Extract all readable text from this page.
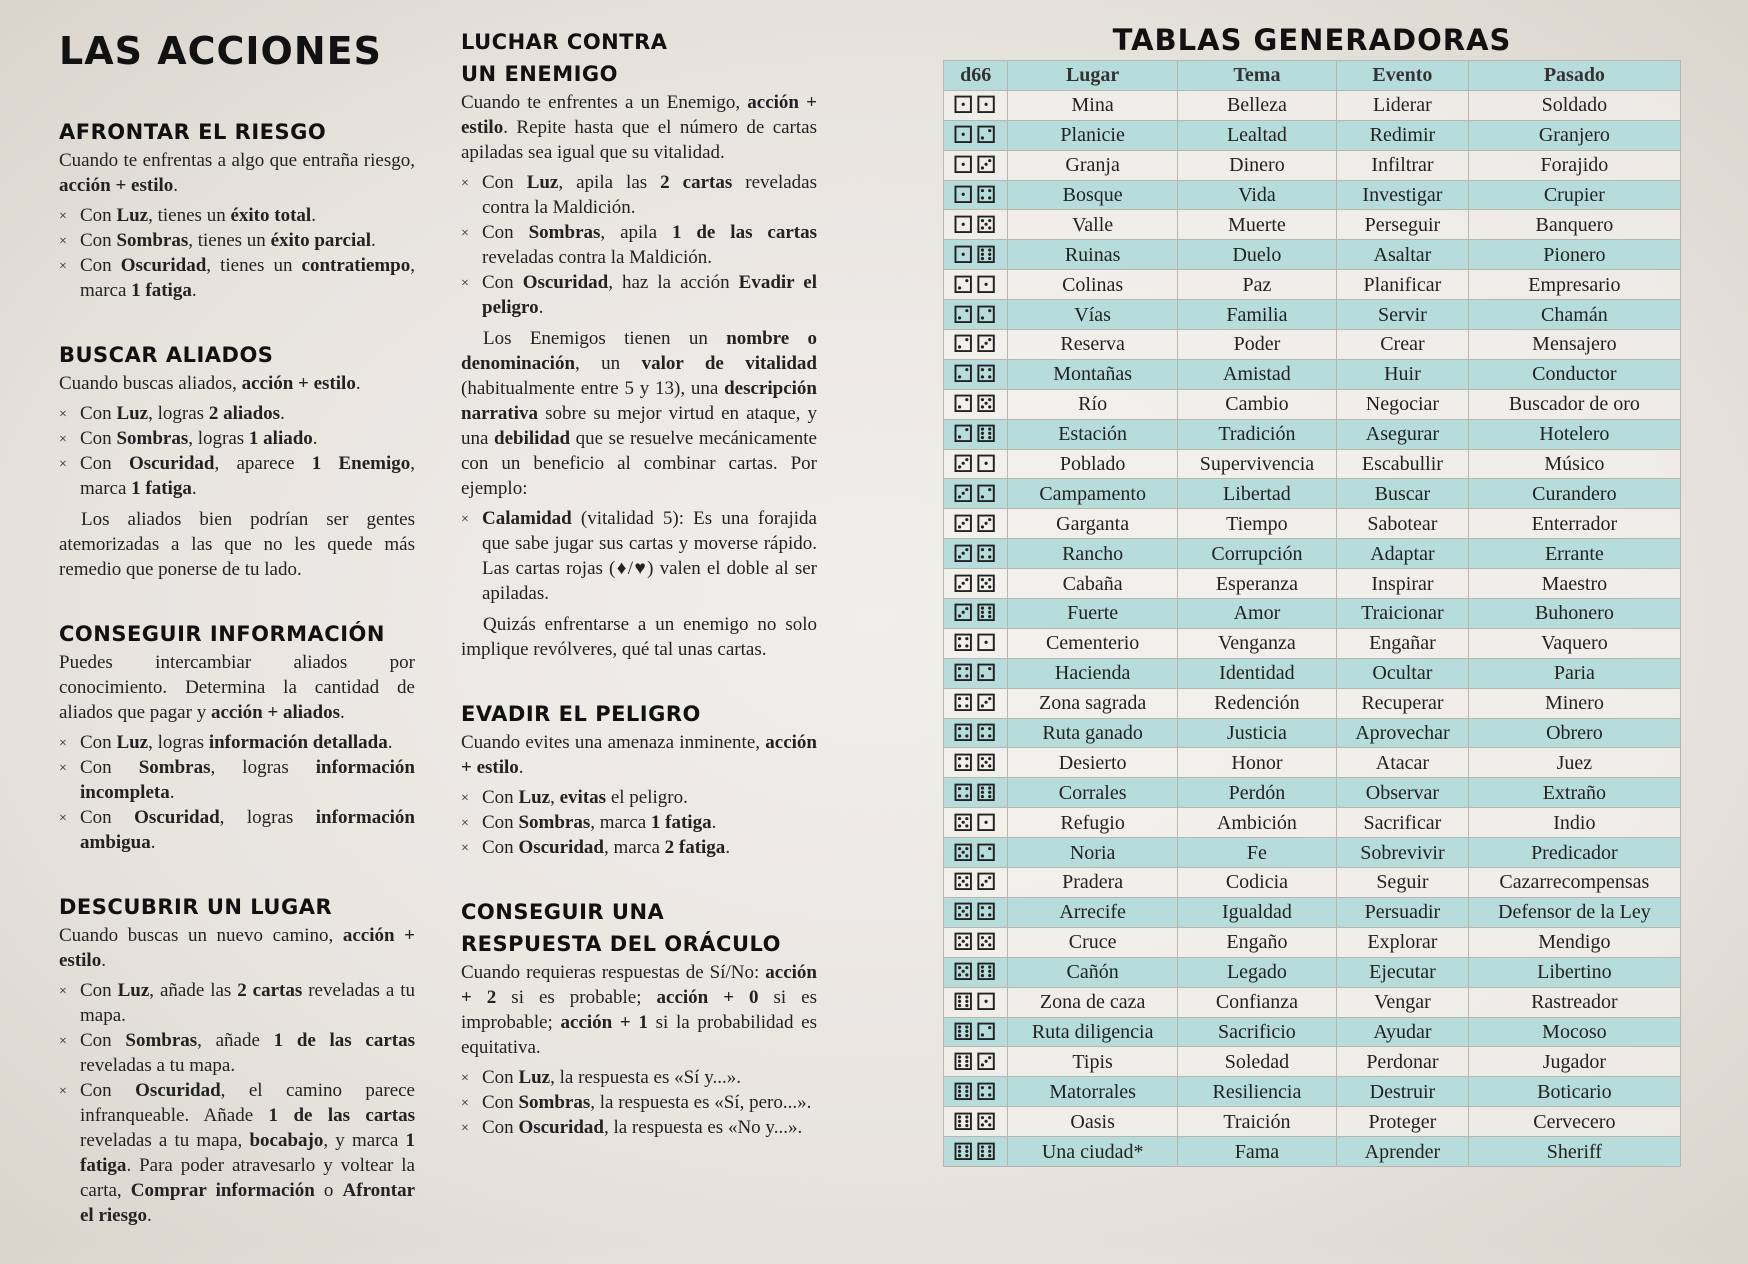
LAS ACCIONES
AFRONTAR EL RIESGO

Cuando te enfrentas a algo que entraña riesgo, acción + estilo.

× Con Luz, tienes un éxito total.
× Con Sombras, tienes un éxito parcial.
× Con Oscuridad, tienes un contratiempo, marca 1 fatiga.
BUSCAR ALIADOS

Cuando buscas aliados, acción + estilo.

× Con Luz, logras 2 aliados.
× Con Sombras, logras 1 aliado.
× Con Oscuridad, aparece 1 Enemigo, marca 1 fatiga.

Los aliados bien podrían ser gentes atemorizadas a las que no les quede más remedio que ponerse de tu lado.

CONSEGUIR INFORMACIÓN

Puedes intercambiar aliados por conocimiento. Determina la cantidad de aliados que pagar y acción + aliados.

× Con Luz, logras información detallada.
× Con Sombras, logras información incompleta.
× Con Oscuridad, logras información ambigua.
DESCUBRIR UN LUGAR

Cuando buscas un nuevo camino, acción + estilo.

× Con Luz, añade las 2 cartas reveladas a tu mapa.
× Con Sombras, añade 1 de las cartas reveladas a tu mapa.
× Con Oscuridad, el camino parece infranqueable. Añade 1 de las cartas reveladas a tu mapa, bocabajo, y marca 1 fatiga. Para poder atravesarlo y voltear la carta, Comprar información o Afrontar el riesgo.
LUCHAR CONTRA
UN ENEMIGO

Cuando te enfrentes a un Enemigo, acción + estilo. Repite hasta que el número de cartas apiladas sea igual que su vitalidad.

× Con Luz, apila las 2 cartas reveladas contra la Maldición.
× Con Sombras, apila 1 de las cartas reveladas contra la Maldición.
× Con Oscuridad, haz la acción Evadir el peligro.

Los Enemigos tienen un nombre o denominación, un valor de vitalidad (habitualmente entre 5 y 13), una descripción narrativa sobre su mejor virtud en ataque, y una debilidad que se resuelve mecánicamente con un beneficio al combinar cartas. Por ejemplo:

× Calamidad (vitalidad 5): Es una forajida que sabe jugar sus cartas y moverse rápido. Las cartas rojas (♦/♥) valen el doble al ser apiladas.

Quizás enfrentarse a un enemigo no solo implique revólveres, qué tal unas cartas.

EVADIR EL PELIGRO

Cuando evites una amenaza inminente, acción + estilo.

× Con Luz, evitas el peligro.
× Con Sombras, marca 1 fatiga.
× Con Oscuridad, marca 2 fatiga.
CONSEGUIR UNA
RESPUESTA DEL ORÁCULO

Cuando requieras respuestas de Sí/No: acción + 2 si es probable; acción + 0 si es improbable; acción + 1 si la probabilidad es equitativa.

× Con Luz, la respuesta es «Sí y...».
× Con Sombras, la respuesta es «Sí, pero...».
× Con Oscuridad, la respuesta es «No y...».
TABLAS GENERADORAS
d66	Lugar	Tema	Evento	Pasado
⚀⚀	Mina	Belleza	Liderar	Soldado
⚀⚁	Planicie	Lealtad	Redimir	Granjero
⚀⚂	Granja	Dinero	Infiltrar	Forajido
⚀⚃	Bosque	Vida	Investigar	Crupier
⚀⚄	Valle	Muerte	Perseguir	Banquero
⚀⚅	Ruinas	Duelo	Asaltar	Pionero
⚁⚀	Colinas	Paz	Planificar	Empresario
⚁⚁	Vías	Familia	Servir	Chamán
⚁⚂	Reserva	Poder	Crear	Mensajero
⚁⚃	Montañas	Amistad	Huir	Conductor
⚁⚄	Río	Cambio	Negociar	Buscador de oro
⚁⚅	Estación	Tradición	Asegurar	Hotelero
⚂⚀	Poblado	Supervivencia	Escabullir	Músico
⚂⚁	Campamento	Libertad	Buscar	Curandero
⚂⚂	Garganta	Tiempo	Sabotear	Enterrador
⚂⚃	Rancho	Corrupción	Adaptar	Errante
⚂⚄	Cabaña	Esperanza	Inspirar	Maestro
⚂⚅	Fuerte	Amor	Traicionar	Buhonero
⚃⚀	Cementerio	Venganza	Engañar	Vaquero
⚃⚁	Hacienda	Identidad	Ocultar	Paria
⚃⚂	Zona sagrada	Redención	Recuperar	Minero
⚃⚃	Ruta ganado	Justicia	Aprovechar	Obrero
⚃⚄	Desierto	Honor	Atacar	Juez
⚃⚅	Corrales	Perdón	Observar	Extraño
⚄⚀	Refugio	Ambición	Sacrificar	Indio
⚄⚁	Noria	Fe	Sobrevivir	Predicador
⚄⚂	Pradera	Codicia	Seguir	Cazarrecompensas
⚄⚃	Arrecife	Igualdad	Persuadir	Defensor de la Ley
⚄⚄	Cruce	Engaño	Explorar	Mendigo
⚄⚅	Cañón	Legado	Ejecutar	Libertino
⚅⚀	Zona de caza	Confianza	Vengar	Rastreador
⚅⚁	Ruta diligencia	Sacrificio	Ayudar	Mocoso
⚅⚂	Tipis	Soledad	Perdonar	Jugador
⚅⚃	Matorrales	Resiliencia	Destruir	Boticario
⚅⚄	Oasis	Traición	Proteger	Cervecero
⚅⚅	Una ciudad*	Fama	Aprender	Sheriff
